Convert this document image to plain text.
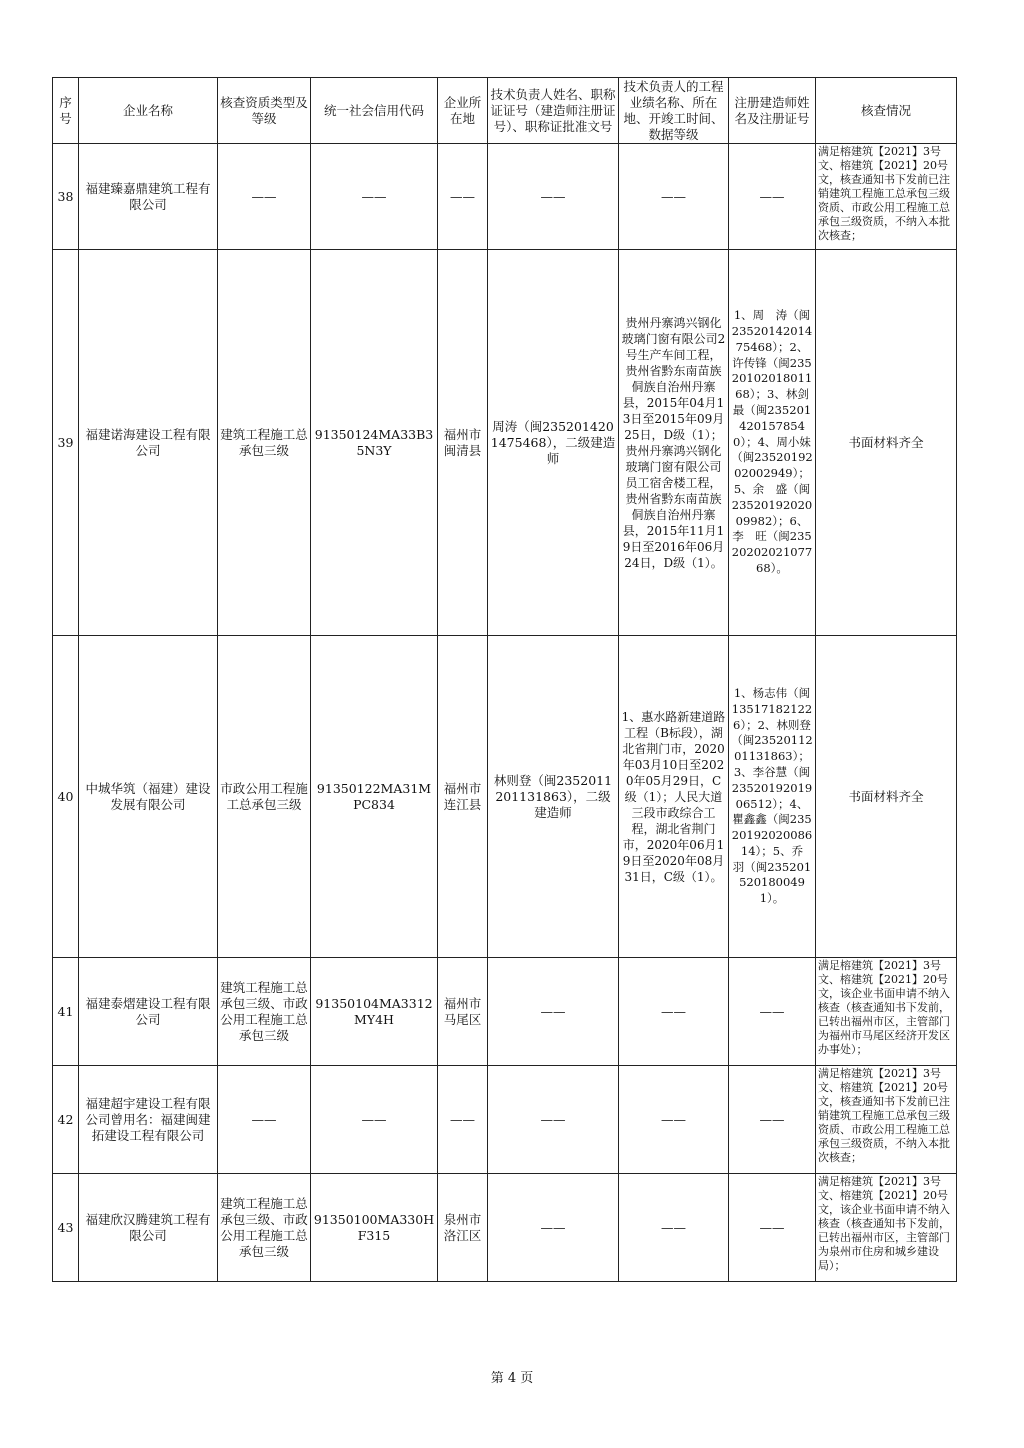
序号	企业名称	核查资质类型及等级	统一社会信用代码	企业所在地	技术负责人姓名、职称证证号（建造师注册证号）、职称证批准文号	技术负责人的工程业绩名称、所在地、开竣工时间、数据等级	注册建造师姓名及注册证号	核查情况
38	福建臻嘉鼎建筑工程有限公司	——	——	——	——	——	——	满足榕建筑【2021】3号文、榕建筑【2021】20号文，核查通知书下发前已注销建筑工程施工总承包三级资质、市政公用工程施工总承包三级资质，不纳入本批次核查；
39	福建诺海建设工程有限公司	建筑工程施工总承包三级	91350124MA33B35N3Y	福州市闽清县	周涛（闽2352014201475468），二级建造师	贵州丹寨鸿兴钢化玻璃门窗有限公司2号生产车间工程，贵州省黔东南苗族侗族自治州丹寨县，2015年04月13日至2015年09月25日，D级（1）；贵州丹寨鸿兴钢化玻璃门窗有限公司员工宿舍楼工程，贵州省黔东南苗族侗族自治州丹寨县，2015年11月19日至2016年06月24日，D级（1）。	1、周　涛（闽2352014201475468）；2、许传锋（闽2352010201801168）；3、林剑最（闽2352014201578540）；4、周小妹（闽2352019202002949）；5、余　盛（闽2352019202009982）；6、李　旺（闽2352020202107768）。	书面材料齐全
40	中城华筑（福建）建设发展有限公司	市政公用工程施工总承包三级	91350122MA31MPC834	福州市连江县	林则登（闽2352011201131863），二级建造师	1、惠水路新建道路工程（B标段），湖北省荆门市，2020年03月10日至2020年05月29日，C级（1）；人民大道三段市政综合工程，湖北省荆门市，2020年06月19日至2020年08月31日，C级（1）。	1、杨志伟（闽135171821226）；2、林则登（闽2352011201131863）；3、李谷慧（闽2352019201906512）；4、瞿鑫鑫（闽2352019202008614）；5、乔　羽（闽2352015201800491）。	书面材料齐全
41	福建泰熠建设工程有限公司	建筑工程施工总承包三级、市政公用工程施工总承包三级	91350104MA3312MY4H	福州市马尾区	——	——	——	满足榕建筑【2021】3号文、榕建筑【2021】20号文，该企业书面申请不纳入核查（核查通知书下发前，已转出福州市区，主管部门为福州市马尾区经济开发区办事处）；
42	福建超宇建设工程有限公司曾用名：福建闽建拓建设工程有限公司	——	——	——	——	——	——	满足榕建筑【2021】3号文、榕建筑【2021】20号文，核查通知书下发前已注销建筑工程施工总承包三级资质、市政公用工程施工总承包三级资质，不纳入本批次核查；
43	福建欣汉腾建筑工程有限公司	建筑工程施工总承包三级、市政公用工程施工总承包三级	91350100MA330HF315	泉州市洛江区	——	——	——	满足榕建筑【2021】3号文、榕建筑【2021】20号文，该企业书面申请不纳入核查（核查通知书下发前，已转出福州市区，主管部门为泉州市住房和城乡建设局）；
第 4 页
